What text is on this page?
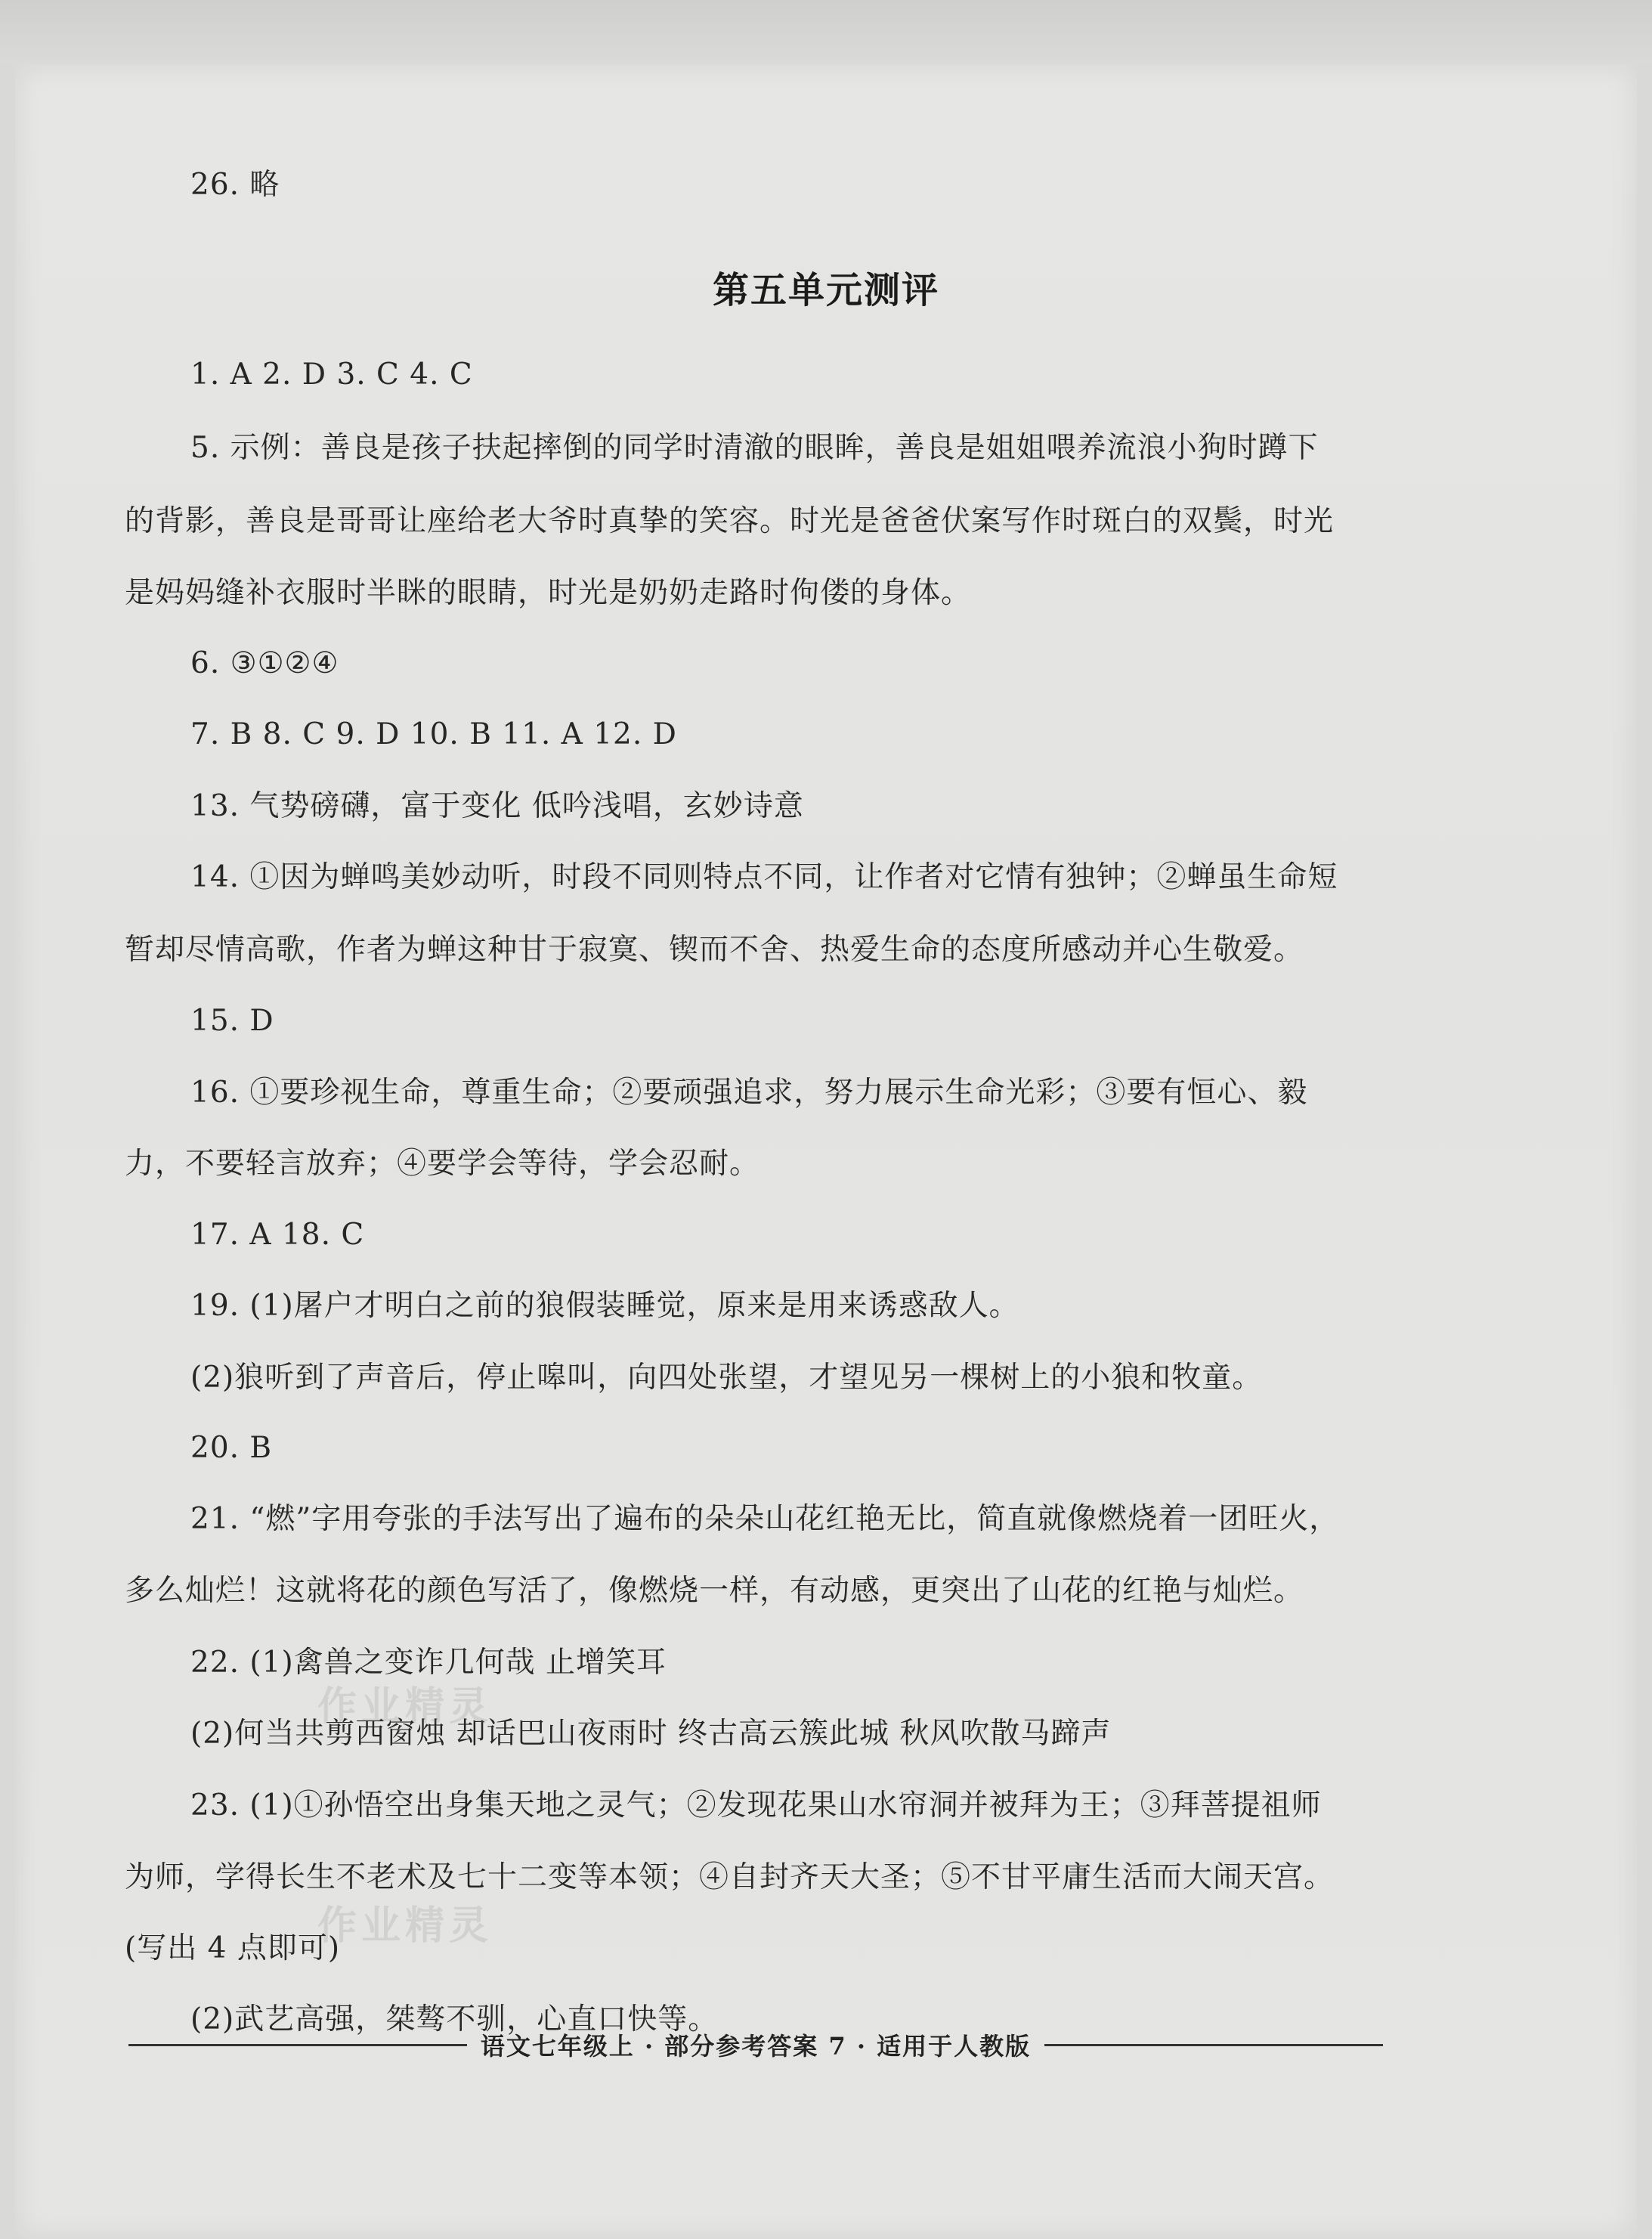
第五单元测评
26. 略
1. A 2. D 3. C 4. C
5. 示例：善良是孩子扶起摔倒的同学时清澈的眼眸，善良是姐姐喂养流浪小狗时蹲下
的背影，善良是哥哥让座给老大爷时真挚的笑容。时光是爸爸伏案写作时斑白的双鬓，时光
是妈妈缝补衣服时半眯的眼睛，时光是奶奶走路时佝偻的身体。
6. ③①②④
7. B 8. C 9. D 10. B 11. A 12. D
13. 气势磅礴，富于变化 低吟浅唱，玄妙诗意
14. ①因为蝉鸣美妙动听，时段不同则特点不同，让作者对它情有独钟；②蝉虽生命短
暂却尽情高歌，作者为蝉这种甘于寂寞、锲而不舍、热爱生命的态度所感动并心生敬爱。
15. D
16. ①要珍视生命，尊重生命；②要顽强追求，努力展示生命光彩；③要有恒心、毅
力，不要轻言放弃；④要学会等待，学会忍耐。
17. A 18. C
19. (1)屠户才明白之前的狼假装睡觉，原来是用来诱惑敌人。
(2)狼听到了声音后，停止嗥叫，向四处张望，才望见另一棵树上的小狼和牧童。
20. B
21. “燃”字用夸张的手法写出了遍布的朵朵山花红艳无比，简直就像燃烧着一团旺火，
多么灿烂！这就将花的颜色写活了，像燃烧一样，有动感，更突出了山花的红艳与灿烂。
22. (1)禽兽之变诈几何哉 止增笑耳
(2)何当共剪西窗烛 却话巴山夜雨时 终古高云簇此城 秋风吹散马蹄声
23. (1)①孙悟空出身集天地之灵气；②发现花果山水帘洞并被拜为王；③拜菩提祖师
为师，学得长生不老术及七十二变等本领；④自封齐天大圣；⑤不甘平庸生活而大闹天宫。
(写出 4 点即可)
(2)武艺高强，桀骜不驯，心直口快等。
作业精灵
作业精灵
语文七年级上 · 部分参考答案 7 · 适用于人教版
